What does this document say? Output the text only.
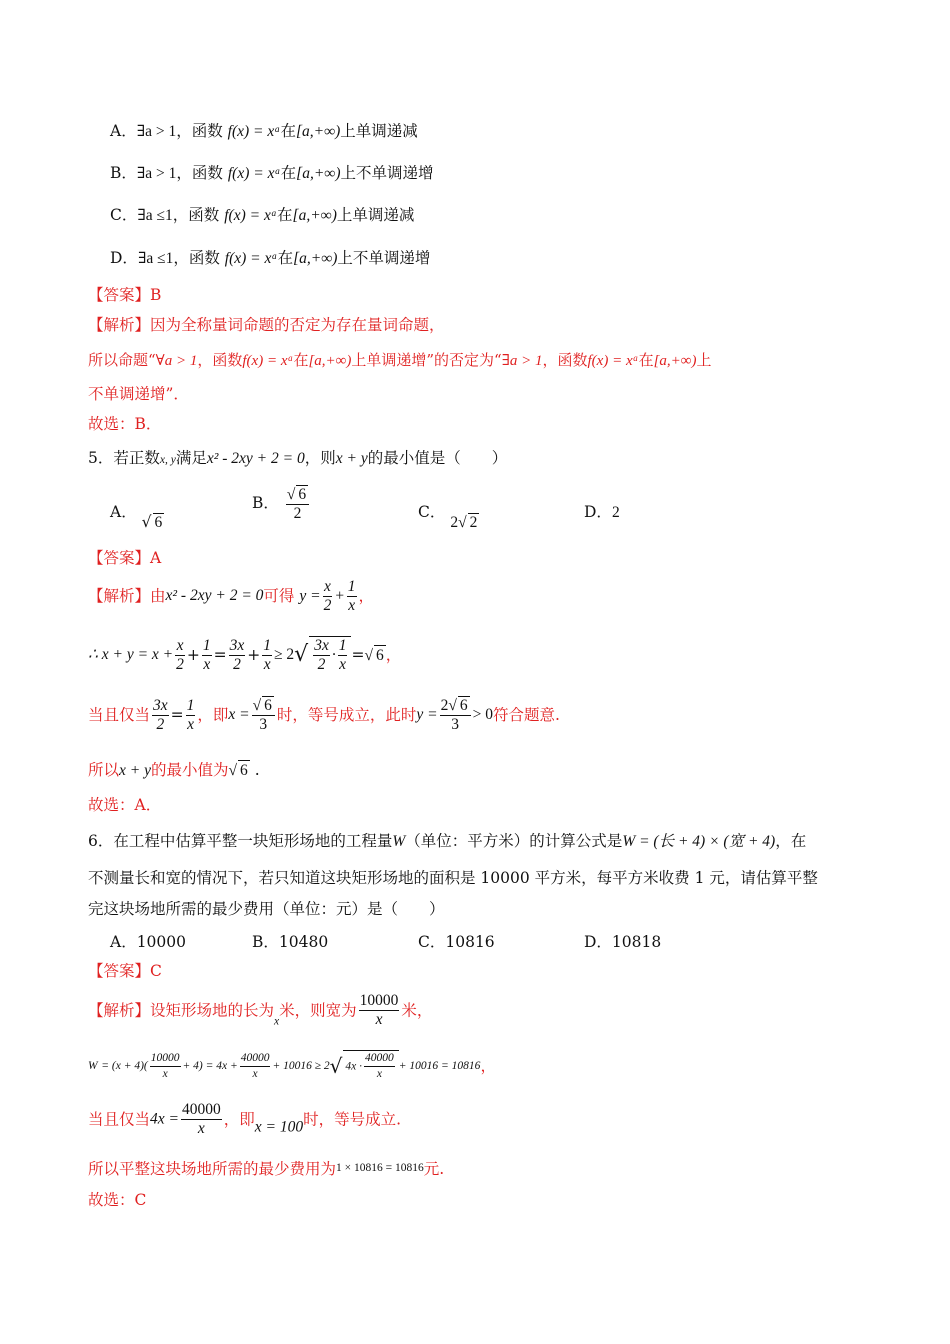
A．∃a > 1，函数 f(x) = xᵃ在[a,+∞)上单调递减
B．∃a > 1，函数 f(x) = xᵃ在[a,+∞)上不单调递增
C．∃a ≤1，函数 f(x) = xᵃ在[a,+∞)上单调递减
D．∃a ≤1，函数 f(x) = xᵃ在[a,+∞)上不单调递增
【答案】B
【解析】因为全称量词命题的否定为存在量词命题，
所以命题“∀a > 1，函数f(x) = xᵃ在[a,+∞)上单调递增”的否定为“∃a > 1，函数f(x) = xᵃ在[a,+∞)上
不单调递增”．
故选：B．
5．若正数x, y满足x² - 2xy + 2 = 0，则x + y的最小值是（　　）
A． √ 6
B． $\frac{√ 6}{2}$	C． 2√ 2
D．2
【答案】A
【解析】由x² - 2xy + 2 = 0可得 $y = \frac{x}{2} + \frac{1}{x}$ ，
∴ $x + y = x + \frac{x}{2} + \frac{1}{x} = \frac{3x}{2} + \frac{1}{x} \ge 2√ \frac{3x}{2} \cdot \frac{1}{x}$ =√ 6 ，
当且仅当 $\frac{3x}{2} = \frac{1}{x}$ ，即$x = \frac{√ 6}{3}$ 时，等号成立，此时$y = \frac{2√ 6}{3} > 0$符合题意.
所以x + y的最小值为√ 6 .
故选：A．
6．在工程中估算平整一块矩形场地的工程量W（单位：平方米）的计算公式是W = (长 + 4) × (宽 + 4)，在
不测量长和宽的情况下，若只知道这块矩形场地的面积是 10000 平方米，每平方米收费 1 元，请估算平整
完这块场地所需的最少费用（单位：元）是（　　）
A．10000	B．10480	C．10816	D．10818
【答案】C
【解析】设矩形场地的长为$_x$米，则宽为 $\frac{10000}{x}$ 米，
$W = (x + 4)( \frac{10000}{x} + 4) = 4x + \frac{40000}{x} + 10016 \ge 2√$ $4x \cdot \frac{40000}{x} + 10016 = 10816$，
当且仅当$4x = \frac{40000}{x}$ ，即x = 100时，等号成立.
所以平整这块场地所需的最少费用为1 × 10816 = 10816元.
故选：C
